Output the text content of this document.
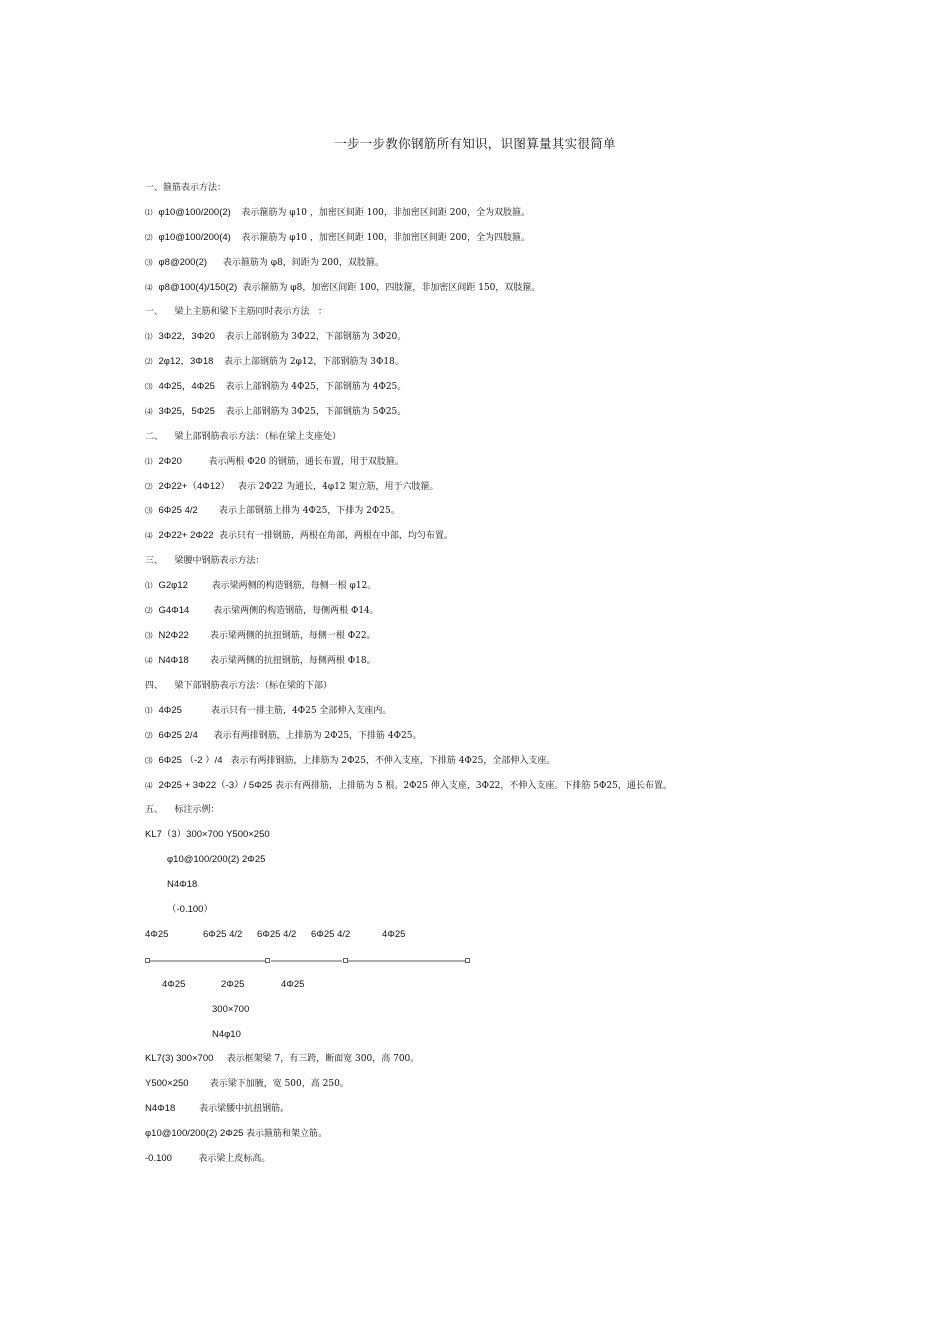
一步一步教你钢筋所有知识，识图算量其实很简单
一、箍筋表示方法：
⑴ φ10@100/200(2) 表示箍筋为 φ10 ，加密区间距 100，非加密区间距 200，全为双肢箍。
⑵ φ10@100/200(4) 表示箍筋为 φ10 ，加密区间距 100，非加密区间距 200，全为四肢箍。
⑶ φ8@200(2) 表示箍筋为 φ8，间距为 200，双肢箍。
⑷ φ8@100(4)/150(2) 表示箍筋为 φ8，加密区间距 100，四肢箍，非加密区间距 150，双肢箍。
一、    梁上主筋和梁下主筋同时表示方法   ：
⑴ 3Φ22，3Φ20 表示上部钢筋为 3Φ22，下部钢筋为 3Φ20。
⑵ 2φ12，3Φ18 表示上部钢筋为 2φ12，下部钢筋为 3Φ18。
⑶ 4Φ25，4Φ25 表示上部钢筋为 4Φ25，下部钢筋为 4Φ25。
⑷ 3Φ25，5Φ25 表示上部钢筋为 3Φ25，下部钢筋为 5Φ25。
二、    梁上部钢筋表示方法：（标在梁上支座处）
⑴ 2Φ20	表示两根 Φ20 的钢筋，通长布置，用于双肢箍。
⑵ 2Φ22+（4Φ12） 表示 2Φ22 为通长，4φ12 架立筋，用于六肢箍。
⑶ 6Φ25 4/2 表示上部钢筋上排为 4Φ25，下排为 2Φ25。
⑷ 2Φ22+ 2Φ22 表示只有一排钢筋，两根在角部，两根在中部，均匀布置。
三、    梁腰中钢筋表示方法：
⑴ G2φ12	表示梁两侧的构造钢筋，每侧一根 φ12。
⑵ G4Φ14	表示梁两侧的构造钢筋，每侧两根 Φ14。
⑶ N2Φ22 表示梁两侧的抗扭钢筋，每侧一根 Φ22。
⑷ N4Φ18 表示梁两侧的抗扭钢筋，每侧两根 Φ18。
四、    梁下部钢筋表示方法：（标在梁的下部）
⑴ 4Φ25	表示只有一排主筋，4Φ25 全部伸入支座内。
⑵ 6Φ25 2/4 表示有两排钢筋，上排筋为 2Φ25，下排筋 4Φ25。
⑶ 6Φ25 （-2 ）/4 表示有两排钢筋，上排筋为 2Φ25，不伸入支座，下排筋 4Φ25，全部伸入支座。
⑷ 2Φ25 + 3Φ22（-3）/ 5Φ25 表示有两排筋，上排筋为 5 根。2Φ25 伸入支座，3Φ22，不伸入支座。下排筋 5Φ25，通长布置。
五、    标注示例：
KL7（3）300×700 Y500×250
φ10@100/200(2) 2Φ25
N4Φ18
（-0.100）
4Φ25	6Φ25 4/2 6Φ25 4/2 6Φ25 4/2	4Φ25
4Φ25	2Φ25	4Φ25
300×700
N4φ10
KL7(3) 300×700 表示框架梁 7，有三跨，断面宽 300，高 700。
Y500×250 表示梁下加腋，宽 500，高 250。
N4Φ18	表示梁腰中抗扭钢筋。
φ10@100/200(2) 2Φ25 表示箍筋和架立筋。
-0.100	表示梁上皮标高。
